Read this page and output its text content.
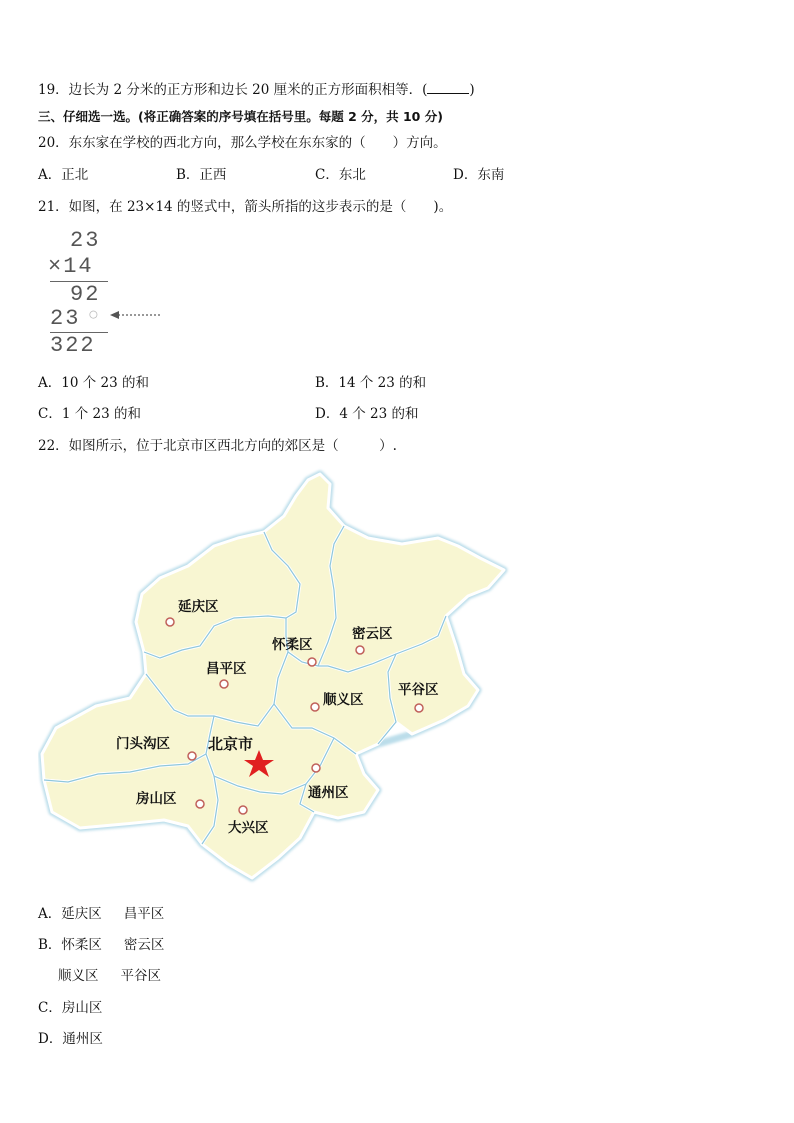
19．边长为 2 分米的正方形和边长 20 厘米的正方形面积相等．(	)
三、仔细选一选。(将正确答案的序号填在括号里。每题 2 分，共 10 分)
20．东东家在学校的西北方向，那么学校在东东家的（　　）方向。
A．正北	B．正西	C．东北	D．东南
21．如图，在 23×14 的竖式中，箭头所指的这步表示的是（　　)。
23
×14
92
23 ○
322
A．10 个 23 的和	B．14 个 23 的和
C．1 个 23 的和	D．4 个 23 的和
22．如图所示，位于北京市区西北方向的郊区是（　　　）.
延庆区
怀柔区
密云区
昌平区
顺义区
平谷区
门头沟区	北京市
房山区
大兴区
通州区
A．延庆区 昌平区
B．怀柔区 密云区
顺义区 平谷区
C．房山区
D．通州区
